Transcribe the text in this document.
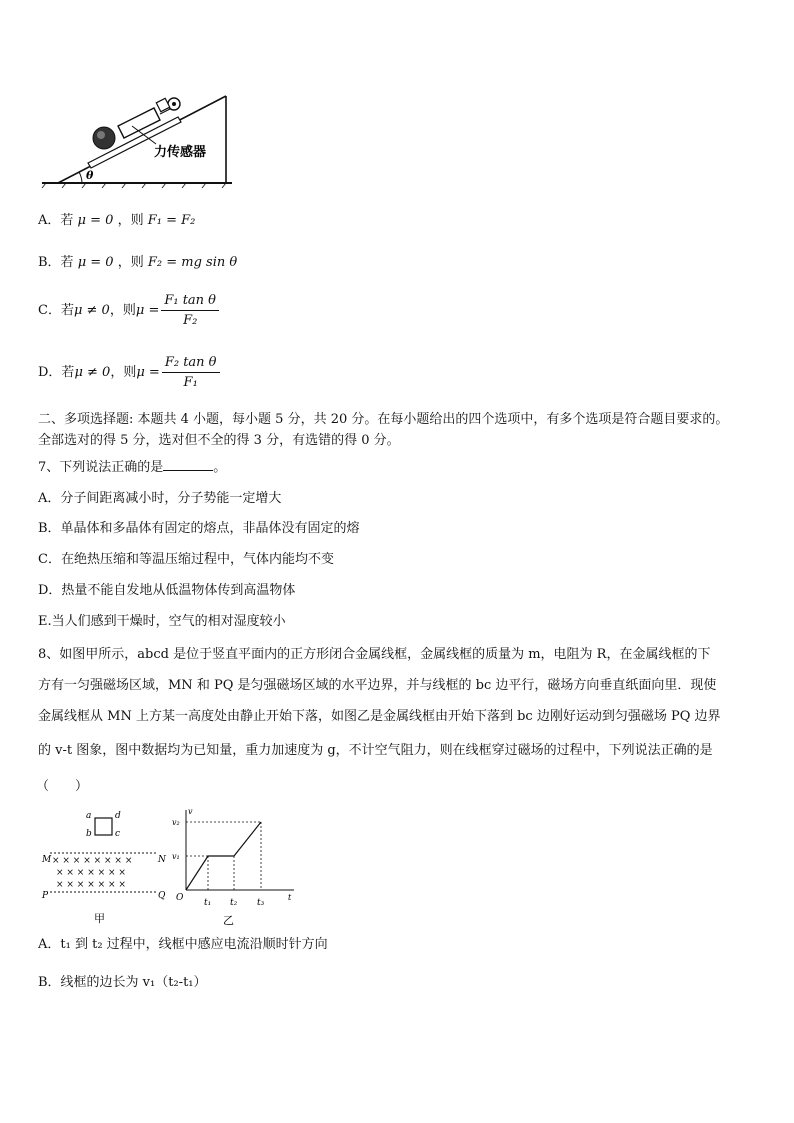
θ
力传感器
A．若 μ = 0 ，则 F₁ = F₂
B．若 μ = 0 ，则 F₂ = mg sin θ
C．若 μ ≠ 0 ，则 $\mu = \frac{\text{F₁ tan θ}}{\text{F₂}}$
D．若 μ ≠ 0 ，则 $\mu = \frac{\text{F₂ tan θ}}{\text{F₁}}$
二、多项选择题: 本题共 4 小题，每小题 5 分，共 20 分。在每小题给出的四个选项中，有多个选项是符合题目要求的。
全部选对的得 5 分，选对但不全的得 3 分，有选错的得 0 分。
7、下列说法正确的是	。
A．分子间距离减小时，分子势能一定增大
B．单晶体和多晶体有固定的熔点，非晶体没有固定的熔
C．在绝热压缩和等温压缩过程中，气体内能均不变
D．热量不能自发地从低温物体传到高温物体
E.当人们感到干燥时，空气的相对湿度较小
8、如图甲所示，abcd 是位于竖直平面内的正方形闭合金属线框，金属线框的质量为 m，电阻为 R，在金属线框的下
方有一匀强磁场区域，MN 和 PQ 是匀强磁场区域的水平边界，并与线框的 bc 边平行，磁场方向垂直纸面向里．现使
金属线框从 MN 上方某一高度处由静止开始下落，如图乙是金属线框由开始下落到 bc 边刚好运动到匀强磁场 PQ 边界
的 v-t 图象，图中数据均为已知量，重力加速度为 g，不计空气阻力，则在线框穿过磁场的过程中，下列说法正确的是
（　　）
a
b	c
d
M	N
× × × × × × × ×
× × × × × × ×
× × × × × × ×
P	Q
甲
v
t
O
v₂
v₁
t₁ t₂ t₃
乙
A．t₁ 到 t₂ 过程中，线框中感应电流沿顺时针方向
B．线框的边长为 v₁（t₂-t₁）
